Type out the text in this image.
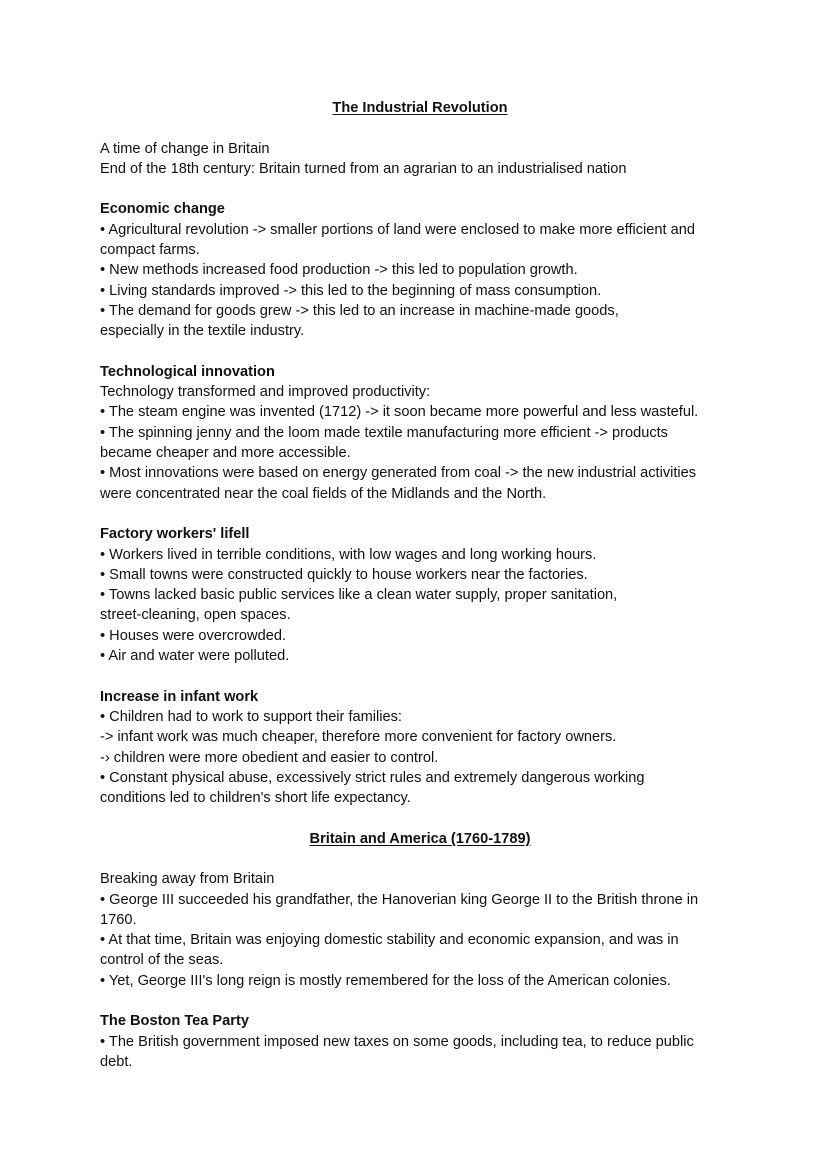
The Industrial Revolution

A time of change in Britain

End of the 18th century: Britain turned from an agrarian to an industrialised nation

Economic change

• Agricultural revolution -> smaller portions of land were enclosed to make more efficient and

compact farms.

• New methods increased food production -> this led to population growth.

• Living standards improved -> this led to the beginning of mass consumption.

• The demand for goods grew -> this led to an increase in machine-made goods,

especially in the textile industry.

Technological innovation

Technology transformed and improved productivity:

• The steam engine was invented (1712) -> it soon became more powerful and less wasteful.

• The spinning jenny and the loom made textile manufacturing more efficient -> products

became cheaper and more accessible.

• Most innovations were based on energy generated from coal -> the new industrial activities

were concentrated near the coal fields of the Midlands and the North.

Factory workers' lifell

• Workers lived in terrible conditions, with low wages and long working hours.

• Small towns were constructed quickly to house workers near the factories.

• Towns lacked basic public services like a clean water supply, proper sanitation,

street-cleaning, open spaces.

• Houses were overcrowded.

• Air and water were polluted.

Increase in infant work

• Children had to work to support their families:

-> infant work was much cheaper, therefore more convenient for factory owners.

-› children were more obedient and easier to control.

• Constant physical abuse, excessively strict rules and extremely dangerous working

conditions led to children's short life expectancy.

Britain and America (1760-1789)

Breaking away from Britain

• George III succeeded his grandfather, the Hanoverian king George II to the British throne in

1760.

• At that time, Britain was enjoying domestic stability and economic expansion, and was in

control of the seas.

• Yet, George III's long reign is mostly remembered for the loss of the American colonies.

The Boston Tea Party

• The British government imposed new taxes on some goods, including tea, to reduce public

debt.
